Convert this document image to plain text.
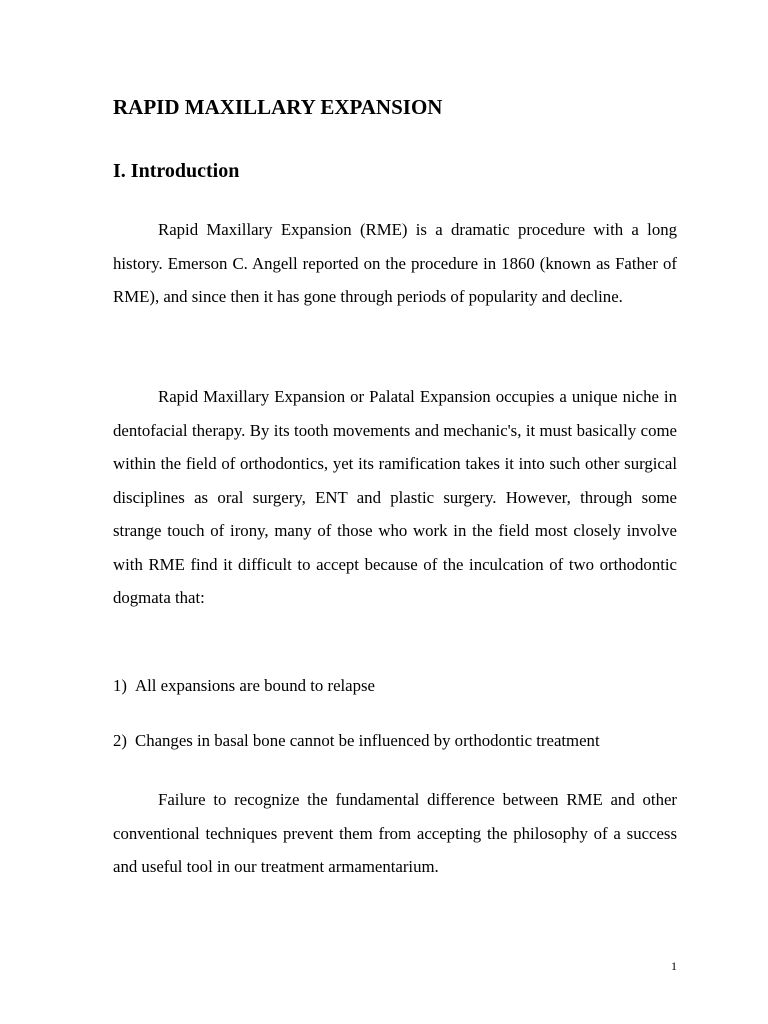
RAPID MAXILLARY EXPANSION
I. Introduction

Rapid Maxillary Expansion (RME) is a dramatic procedure with a long history. Emerson C. Angell reported on the procedure in 1860 (known as Father of RME), and since then it has gone through periods of popularity and decline.

Rapid Maxillary Expansion or Palatal Expansion occupies a unique niche in dentofacial therapy. By its tooth movements and mechanic's, it must basically come within the field of orthodontics, yet its ramification takes it into such other surgical disciplines as oral surgery, ENT and plastic surgery. However, through some strange touch of irony, many of those who work in the field most closely involve with RME find it difficult to accept because of the inculcation of two orthodontic dogmata that:

1) All expansions are bound to relapse
2) Changes in basal bone cannot be influenced by orthodontic treatment

Failure to recognize the fundamental difference between RME and other conventional techniques prevent them from accepting the philosophy of a success and useful tool in our treatment armamentarium.

1
